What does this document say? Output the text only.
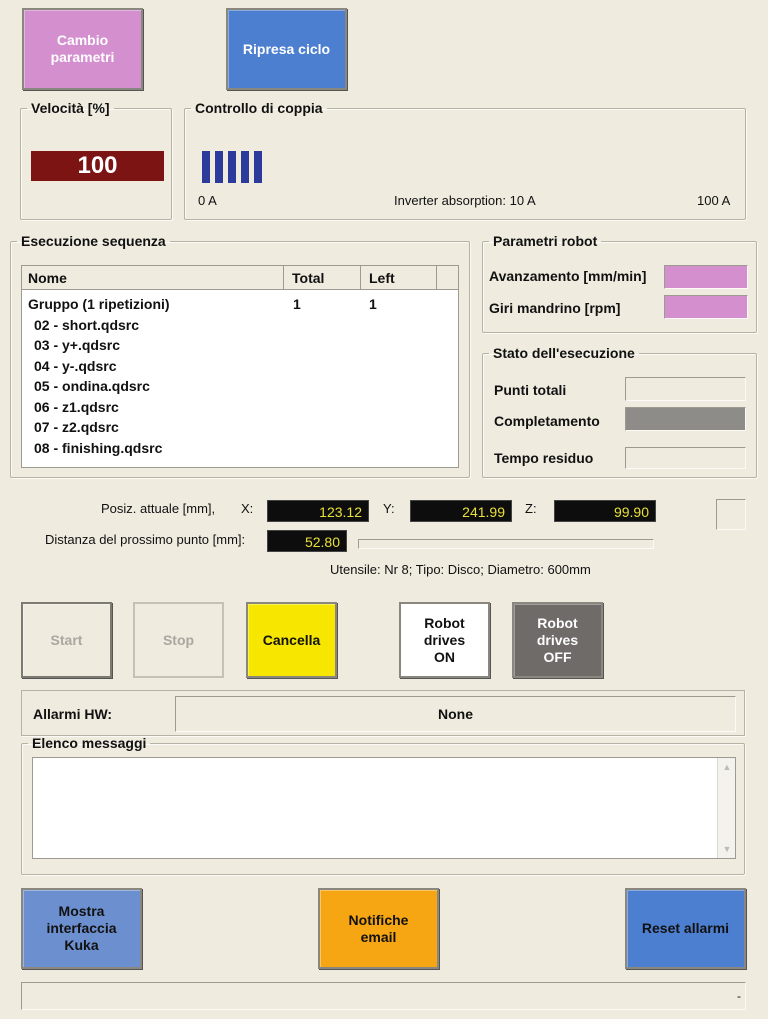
Cambio
parametri
Ripresa ciclo
Velocità [%]
100
Controllo di coppia
0 A	Inverter absorption: 10 A	100 A
Esecuzione sequenza
Nome	Total	Left
Gruppo (1 ripetizioni)	1	1
02 - short.qdsrc
03 - y+.qdsrc
04 - y-.qdsrc
05 - ondina.qdsrc
06 - z1.qdsrc
07 - z2.qdsrc
08 - finishing.qdsrc
Parametri robot
Avanzamento [mm/min]
Giri mandrino [rpm]
Stato dell'esecuzione
Punti totali
Completamento
Tempo residuo
Posiz. attuale [mm], X:	123.12	Y:	241.99	Z:	99.90
Distanza del prossimo punto [mm]:	52.80
Utensile: Nr 8; Tipo: Disco; Diametro: 600mm
Start	Stop	Cancella
Robot
drives
ON
Robot
drives
OFF
Allarmi HW:	None
Elenco messaggi
▲
▼
Mostra
interfaccia
Kuka
Notifiche
email
Reset allarmi
-
